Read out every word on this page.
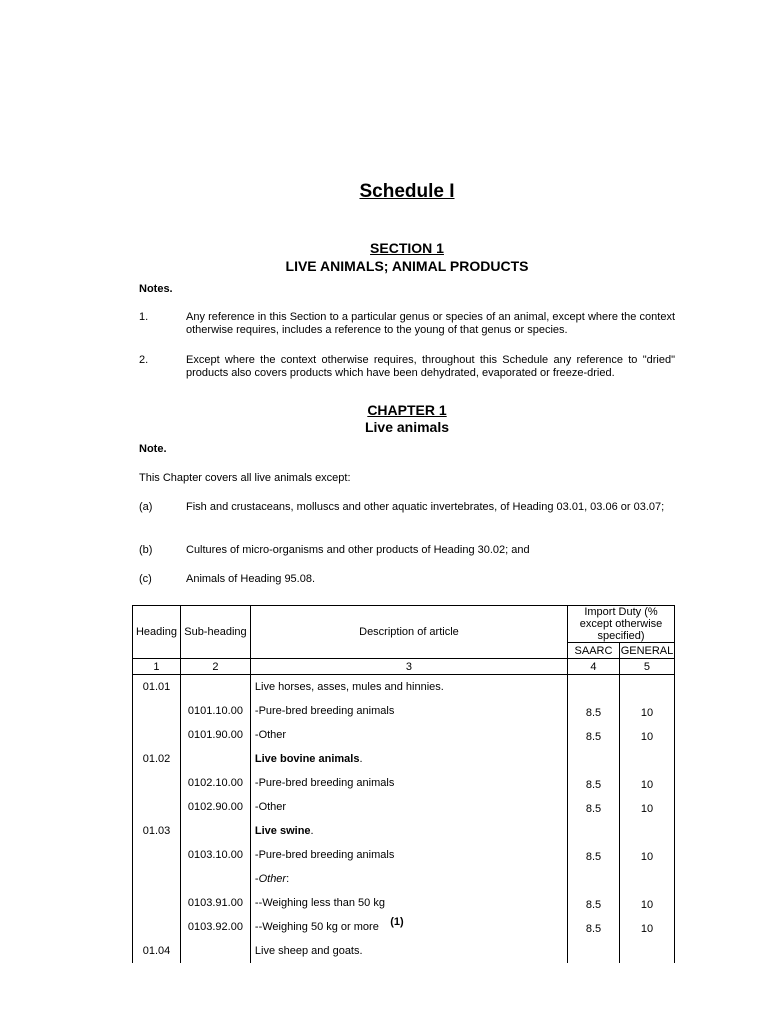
Schedule I
SECTION 1
LIVE ANIMALS; ANIMAL PRODUCTS
Notes.
1.	Any reference in this Section to a particular genus or species of an animal, except where the context otherwise requires, includes a reference to the young of that genus or species.
2.	Except where the context otherwise requires, throughout this Schedule any reference to "dried" products also covers products which have been dehydrated, evaporated or freeze-dried.
CHAPTER 1
Live animals
Note.
This Chapter covers all live animals except:
(a)	Fish and crustaceans, molluscs and other aquatic invertebrates, of Heading 03.01, 03.06 or 03.07;
(b)	Cultures of micro-organisms and other products of Heading 30.02; and
(c)	Animals of Heading 95.08.
Heading	Sub-heading	Description of article	Import Duty (% except otherwise specified)	
			SAARC	GENERAL
1	2	3	4	5
01.01		Live horses, asses, mules and hinnies.		
	0101.10.00	-Pure-bred breeding animals	8.5	10
	0101.90.00	-Other	8.5	10
01.02		Live bovine animals.		
	0102.10.00	-Pure-bred breeding animals	8.5	10
	0102.90.00	-Other	8.5	10
01.03		Live swine.		
	0103.10.00	-Pure-bred breeding animals	8.5	10
		-Other:		
	0103.91.00	--Weighing less than 50 kg	8.5	10
	0103.92.00	--Weighing 50 kg or more	8.5	10
01.04		Live sheep and goats.		
(1)
